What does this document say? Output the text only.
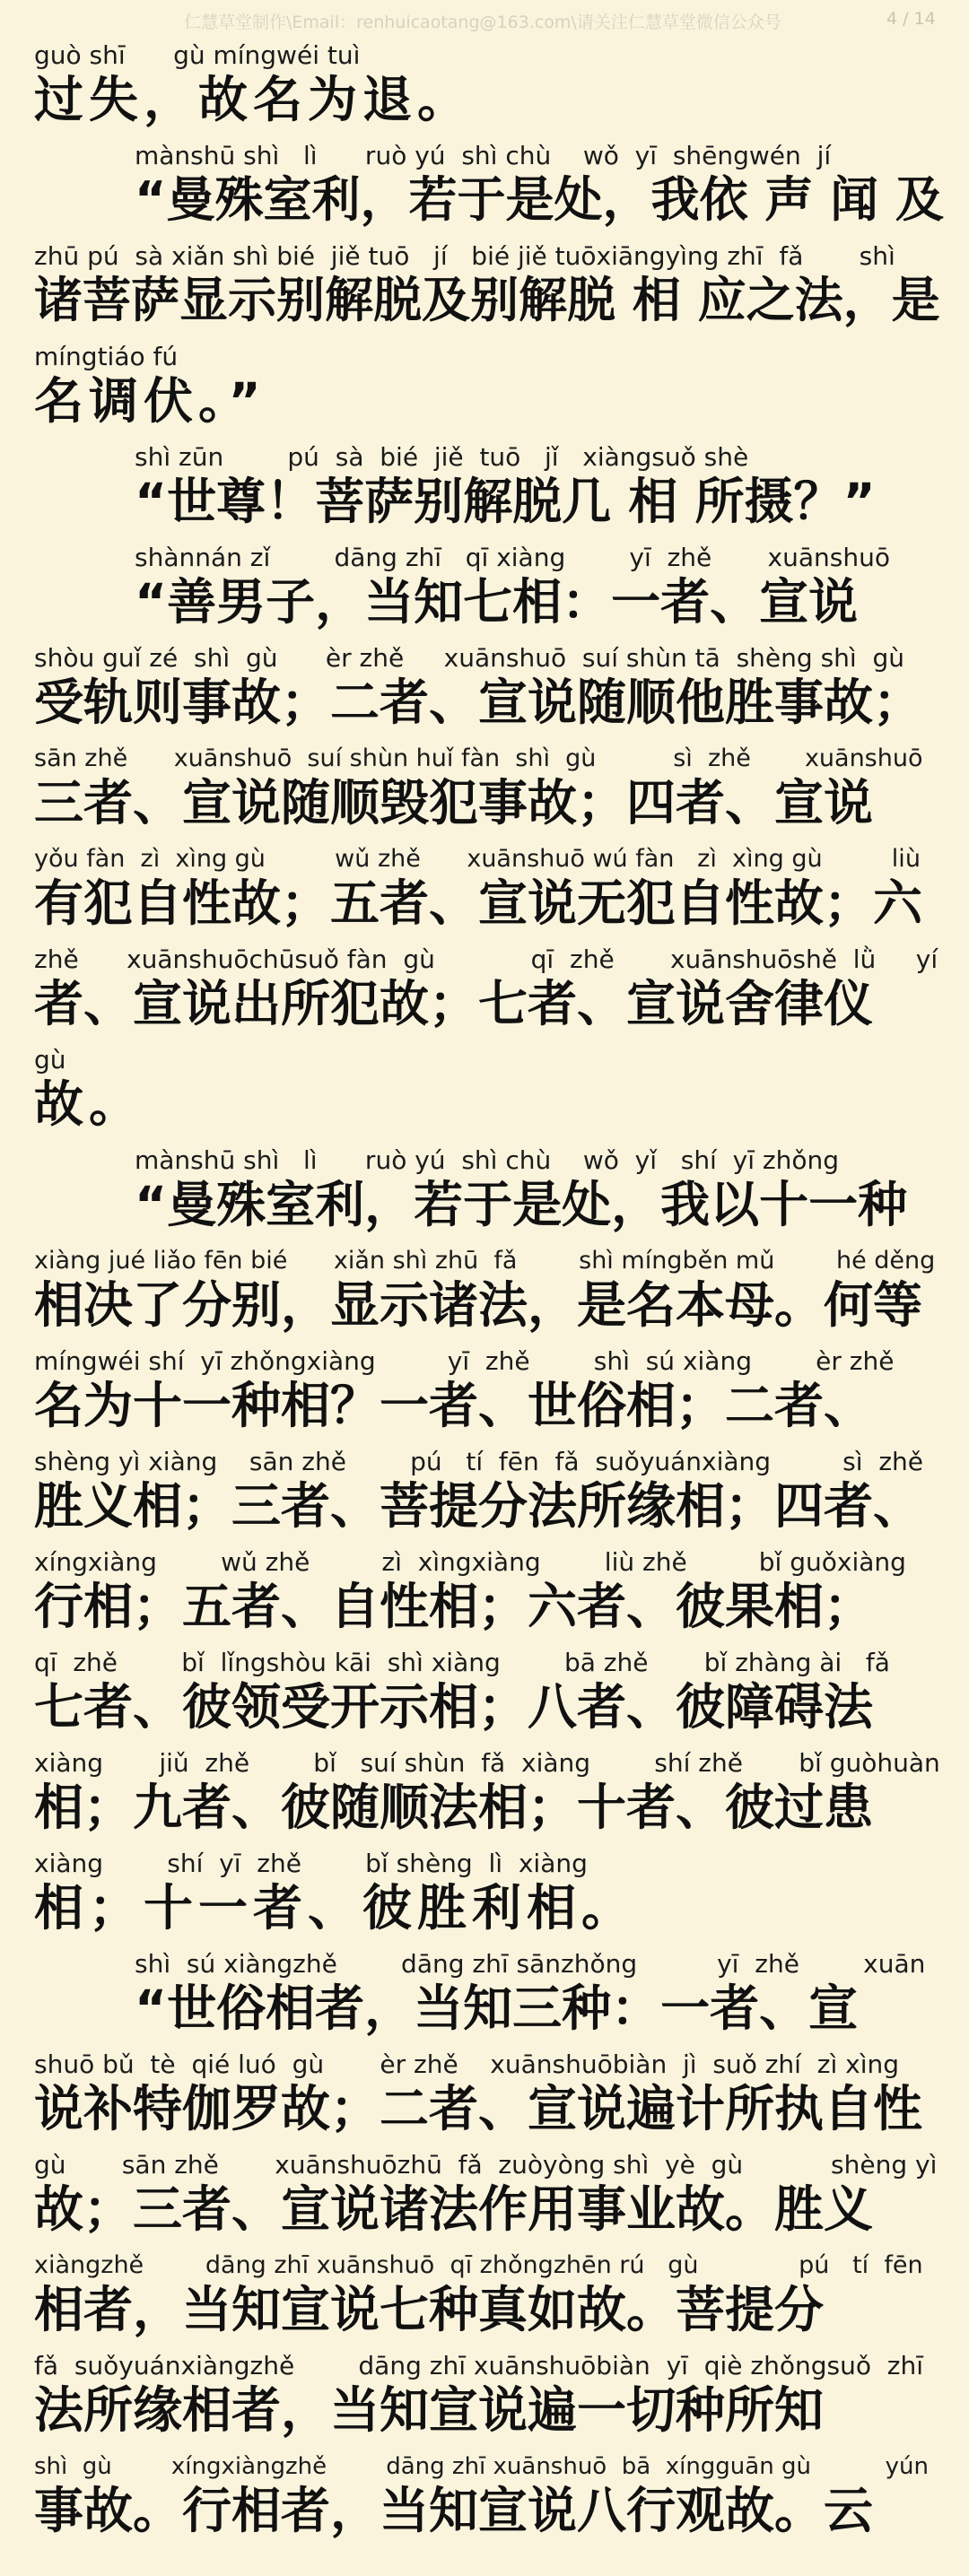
仁慧草堂制作\Email：renhuicaotang@163.com\请关注仁慧草堂微信公众号	4 / 14
guò shī      gù míngwéi tuì
过失，故名为退。
mànshū shì   lì      ruò yú  shì chù    wǒ  yī  shēngwén  jí
“曼殊室利，若于是处，我依 声 闻 及
zhū pú  sà xiǎn shì bié  jiě tuō   jí   bié jiě tuōxiāngyìng zhī  fǎ       shì
诸菩萨显示别解脱及别解脱 相 应之法，是
míngtiáo fú
名调伏。”
shì zūn        pú  sà  bié  jiě  tuō   jǐ   xiàngsuǒ shè
“世尊！菩萨别解脱几 相 所摄？”
shànnán zǐ        dāng zhī   qī xiàng        yī  zhě       xuānshuō
“善男子，当知七相：一者、宣说
shòu guǐ zé  shì  gù      èr zhě     xuānshuō  suí shùn tā  shèng shì  gù
受轨则事故；二者、宣说随顺他胜事故；
sān zhě      xuānshuō  suí shùn huǐ fàn  shì  gù          sì  zhě       xuānshuō
三者、宣说随顺毁犯事故；四者、宣说
yǒu fàn  zì  xìng gù         wǔ zhě      xuānshuō wú fàn   zì  xìng gù         liù
有犯自性故；五者、宣说无犯自性故；六
zhě      xuānshuōchūsuǒ fàn  gù            qī  zhě       xuānshuōshě  lǜ     yí
者、宣说出所犯故；七者、宣说舍律仪
gù
故。
mànshū shì   lì      ruò yú  shì chù    wǒ  yǐ   shí  yī zhǒng
“曼殊室利，若于是处，我以十一种
xiàng jué liǎo fēn bié      xiǎn shì zhū  fǎ        shì míngběn mǔ        hé děng
相决了分别，显示诸法，是名本母。何等
míngwéi shí  yī zhǒngxiàng         yī  zhě        shì  sú xiàng        èr zhě
名为十一种相？一者、世俗相；二者、
shèng yì xiàng    sān zhě        pú   tí  fēn  fǎ  suǒyuánxiàng         sì  zhě
胜义相；三者、菩提分法所缘相；四者、
xíngxiàng        wǔ zhě         zì  xìngxiàng        liù zhě         bǐ guǒxiàng
行相；五者、自性相；六者、彼果相；
qī  zhě        bǐ  lǐngshòu kāi  shì xiàng        bā zhě       bǐ zhàng ài   fǎ
七者、彼领受开示相；八者、彼障碍法
xiàng       jiǔ  zhě        bǐ   suí shùn  fǎ  xiàng        shí zhě       bǐ guòhuàn
相；九者、彼随顺法相；十者、彼过患
xiàng        shí  yī  zhě        bǐ shèng  lì  xiàng
相；十一者、彼胜利相。
shì  sú xiàngzhě        dāng zhī sānzhǒng          yī  zhě        xuān
“世俗相者，当知三种：一者、宣
shuō bǔ  tè  qié luó  gù       èr zhě    xuānshuōbiàn  jì  suǒ zhí  zì xìng
说补特伽罗故；二者、宣说遍计所执自性
gù       sān zhě       xuānshuōzhū  fǎ  zuòyòng shì  yè  gù           shèng yì
故；三者、宣说诸法作用事业故。胜义
xiàngzhě        dāng zhī xuānshuō  qī zhǒngzhēn rú   gù             pú   tí  fēn
相者，当知宣说七种真如故。菩提分
fǎ  suǒyuánxiàngzhě        dāng zhī xuānshuōbiàn  yī  qiè zhǒngsuǒ  zhī
法所缘相者，当知宣说遍一切种所知
shì  gù        xíngxiàngzhě        dāng zhī xuānshuō  bā  xíngguān gù          yún
事故。行相者，当知宣说八行观故。云
